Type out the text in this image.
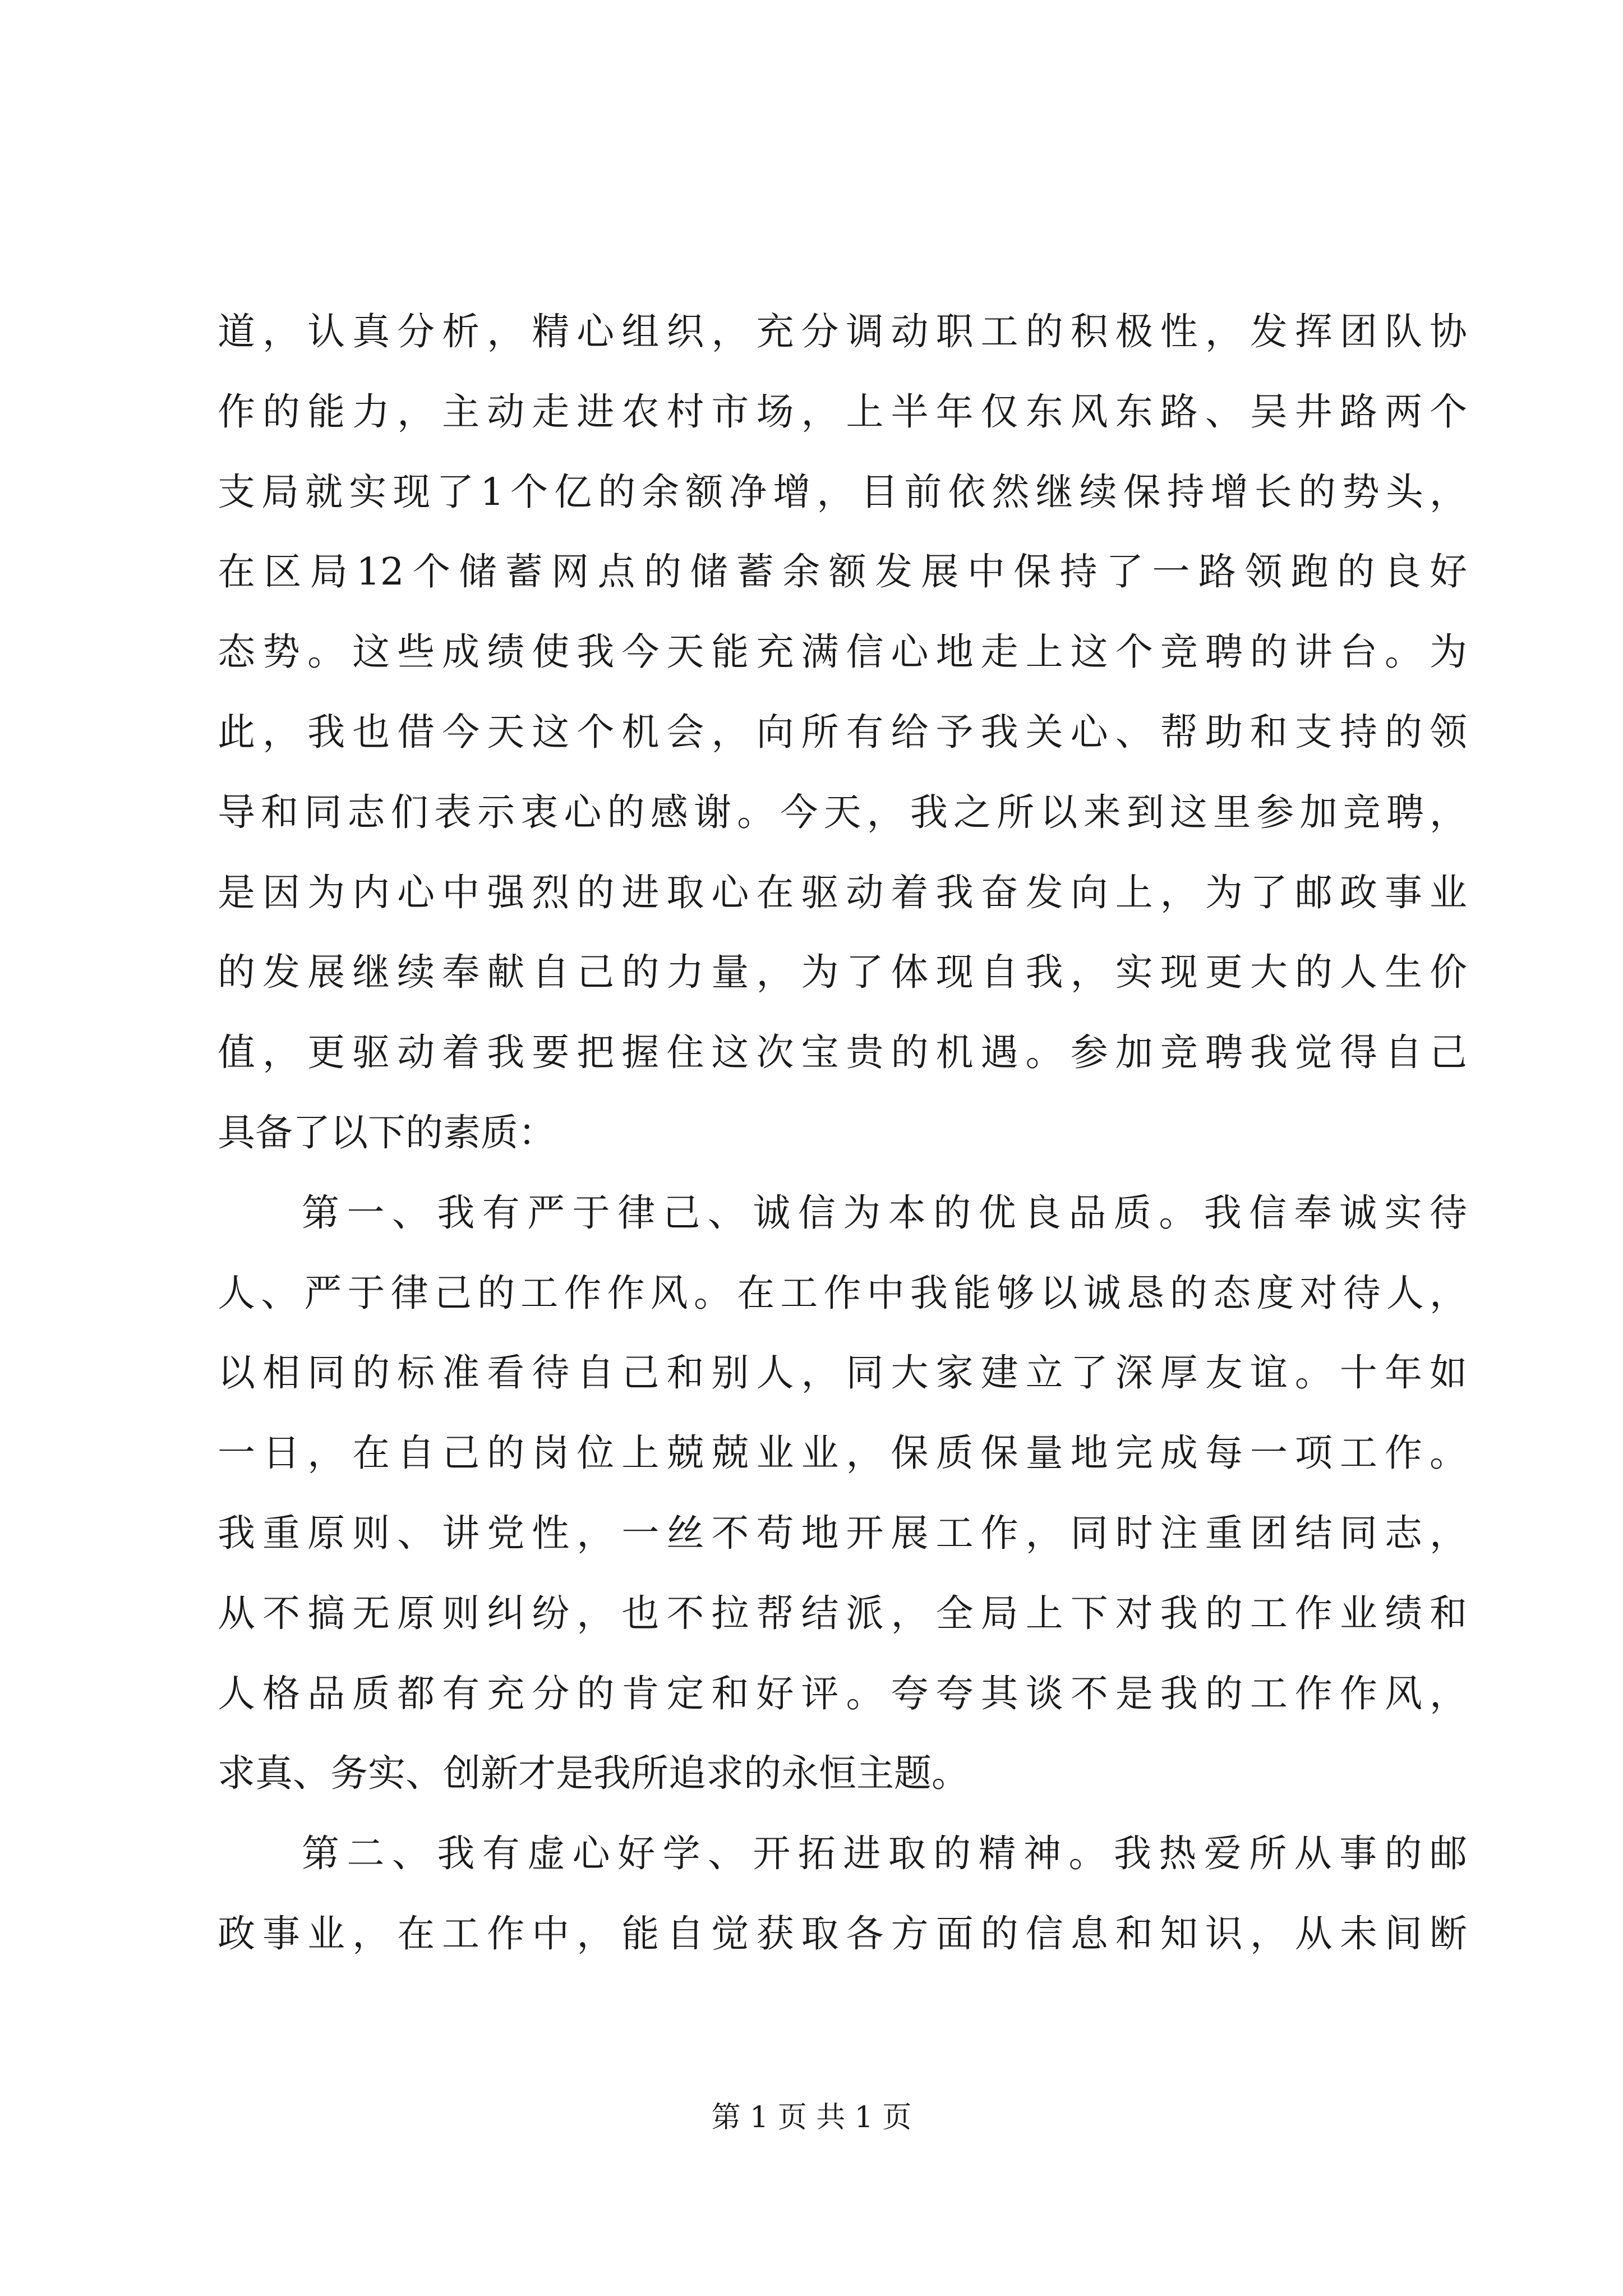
道，认真分析，精心组织，充分调动职工的积极性，发挥团队协
作的能力，主动走进农村市场，上半年仅东风东路、吴井路两个
支局就实现了1个亿的余额净增，目前依然继续保持增长的势头，
在区局12个储蓄网点的储蓄余额发展中保持了一路领跑的良好
态势。这些成绩使我今天能充满信心地走上这个竞聘的讲台。为
此，我也借今天这个机会，向所有给予我关心、帮助和支持的领
导和同志们表示衷心的感谢。今天，我之所以来到这里参加竞聘，
是因为内心中强烈的进取心在驱动着我奋发向上，为了邮政事业
的发展继续奉献自己的力量，为了体现自我，实现更大的人生价
值，更驱动着我要把握住这次宝贵的机遇。参加竞聘我觉得自己
具备了以下的素质：
第一、我有严于律己、诚信为本的优良品质。我信奉诚实待
人、严于律己的工作作风。在工作中我能够以诚恳的态度对待人，
以相同的标准看待自己和别人，同大家建立了深厚友谊。十年如
一日，在自己的岗位上兢兢业业，保质保量地完成每一项工作。
我重原则、讲党性，一丝不苟地开展工作，同时注重团结同志，
从不搞无原则纠纷，也不拉帮结派，全局上下对我的工作业绩和
人格品质都有充分的肯定和好评。夸夸其谈不是我的工作作风，
求真、务实、创新才是我所追求的永恒主题。
第二、我有虚心好学、开拓进取的精神。我热爱所从事的邮
政事业，在工作中，能自觉获取各方面的信息和知识，从未间断
第 1 页 共 1 页
